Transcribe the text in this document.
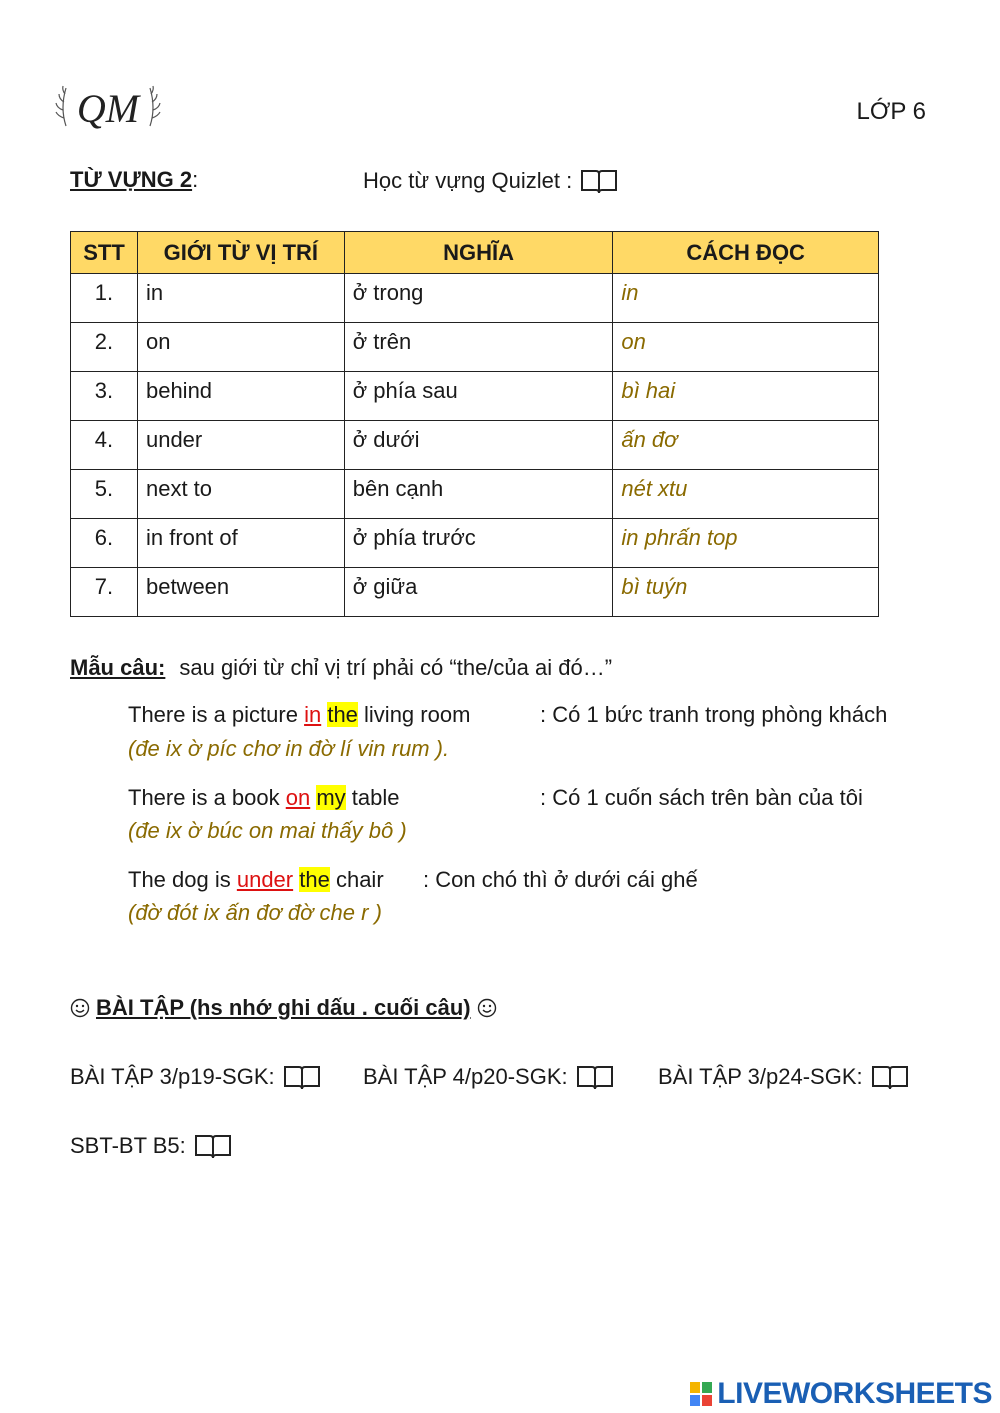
QM	LỚP 6
TỪ VỰNG 2:	Học từ vựng Quizlet :
STT	GIỚI TỪ VỊ TRÍ	NGHĨA	CÁCH ĐỌC
1.	in	ở trong	in
2.	on	ở trên	on
3.	behind	ở phía sau	bì hai
4.	under	ở dưới	ấn đơ
5.	next to	bên cạnh	nét xtu
6.	in front of	ở phía trước	in phrấn top
7.	between	ở giữa	bì tuýn
Mẫu câu: sau giới từ chỉ vị trí phải có “the/của ai đó…”
There is a picture in the living room	: Có 1 bức tranh trong phòng khách
(đe ix ờ píc chơ in đờ lí vin rum ).
There is a book on my table	: Có 1 cuốn sách trên bàn của tôi
(đe ix ờ búc on mai thấy bô )
The dog is under the chair : Con chó thì ở dưới cái ghế
(đờ đót ix ấn đơ đờ che r )
BÀI TẬP (hs nhớ ghi dấu . cuối câu)
BÀI TẬP 3/p19-SGK:	BÀI TẬP 4/p20-SGK:	BÀI TẬP 3/p24-SGK:
SBT-BT B5:
LIVEWORKSHEETS
